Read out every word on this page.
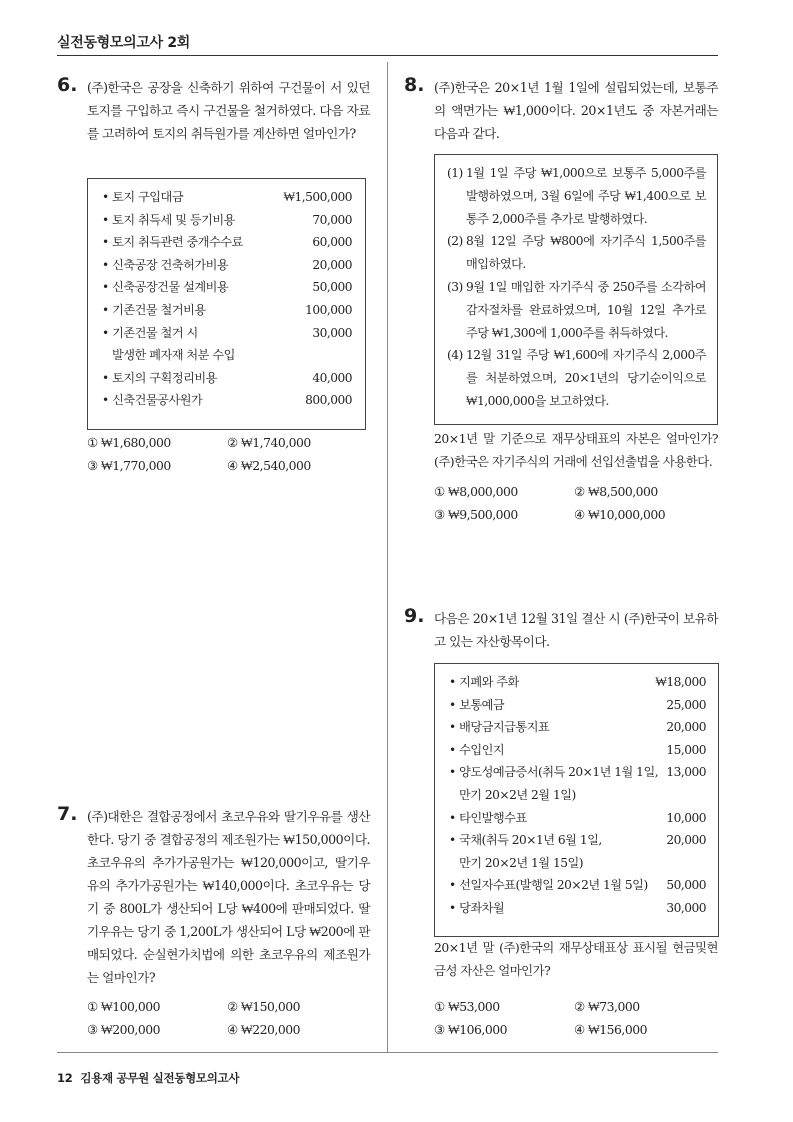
실전동형모의고사 2회
6. (주)한국은 공장을 신축하기 위하여 구건물이 서 있던 토지를 구입하고 즉시 구건물을 철거하였다. 다음 자료를 고려하여 토지의 취득원가를 계산하면 얼마인가?
• 토지 구입대금	₩1,500,000
• 토지 취득세 및 등기비용	70,000
• 토지 취득관련 중개수수료	60,000
• 신축공장 건축허가비용	20,000
• 신축공장건물 설계비용	50,000
• 기존건물 철거비용	100,000
• 기존건물 철거 시	30,000
발생한 폐자재 처분 수입
• 토지의 구획정리비용	40,000
• 신축건물공사원가	800,000
① ₩1,680,000	② ₩1,740,000
③ ₩1,770,000	④ ₩2,540,000
7. (주)대한은 결합공정에서 초코우유와 딸기우유를 생산한다. 당기 중 결합공정의 제조원가는 ₩150,000이다. 초코우유의 추가가공원가는 ₩120,000이고, 딸기우유의 추가가공원가는 ₩140,000이다. 초코우유는 당기 중 800L가 생산되어 L당 ₩400에 판매되었다. 딸기우유는 당기 중 1,200L가 생산되어 L당 ₩200에 판매되었다. 순실현가치법에 의한 초코우유의 제조원가는 얼마인가?
① ₩100,000	② ₩150,000
③ ₩200,000	④ ₩220,000
8. (주)한국은 20×1년 1월 1일에 설립되었는데, 보통주의 액면가는 ₩1,000이다. 20×1년도 중 자본거래는 다음과 같다.
(1) 1월 1일 주당 ₩1,000으로 보통주 5,000주를 발행하였으며, 3월 6일에 주당 ₩1,400으로 보통주 2,000주를 추가로 발행하였다.
(2) 8월 12일 주당 ₩800에 자기주식 1,500주를 매입하였다.
(3) 9월 1일 매입한 자기주식 중 250주를 소각하여 감자절차를 완료하였으며, 10월 12일 추가로 주당 ₩1,300에 1,000주를 취득하였다.
(4) 12월 31일 주당 ₩1,600에 자기주식 2,000주를 처분하였으며, 20×1년의 당기순이익으로 ₩1,000,000을 보고하였다.
20×1년 말 기준으로 재무상태표의 자본은 얼마인가? (주)한국은 자기주식의 거래에 선입선출법을 사용한다.
① ₩8,000,000	② ₩8,500,000
③ ₩9,500,000	④ ₩10,000,000
9. 다음은 20×1년 12월 31일 결산 시 (주)한국이 보유하고 있는 자산항목이다.
• 지폐와 주화	₩18,000
• 보통예금	25,000
• 배당금지급통지표	20,000
• 수입인지	15,000
• 양도성예금증서(취득 20×1년 1월 1일, 13,000
만기 20×2년 2월 1일)
• 타인발행수표	10,000
• 국채(취득 20×1년 6월 1일,	20,000
만기 20×2년 1월 15일)
• 선일자수표(발행일 20×2년 1월 5일) 50,000
• 당좌차월	30,000
20×1년 말 (주)한국의 재무상태표상 표시될 현금및현금성 자산은 얼마인가?
① ₩53,000	② ₩73,000
③ ₩106,000	④ ₩156,000
12 김용재 공무원 실전동형모의고사
